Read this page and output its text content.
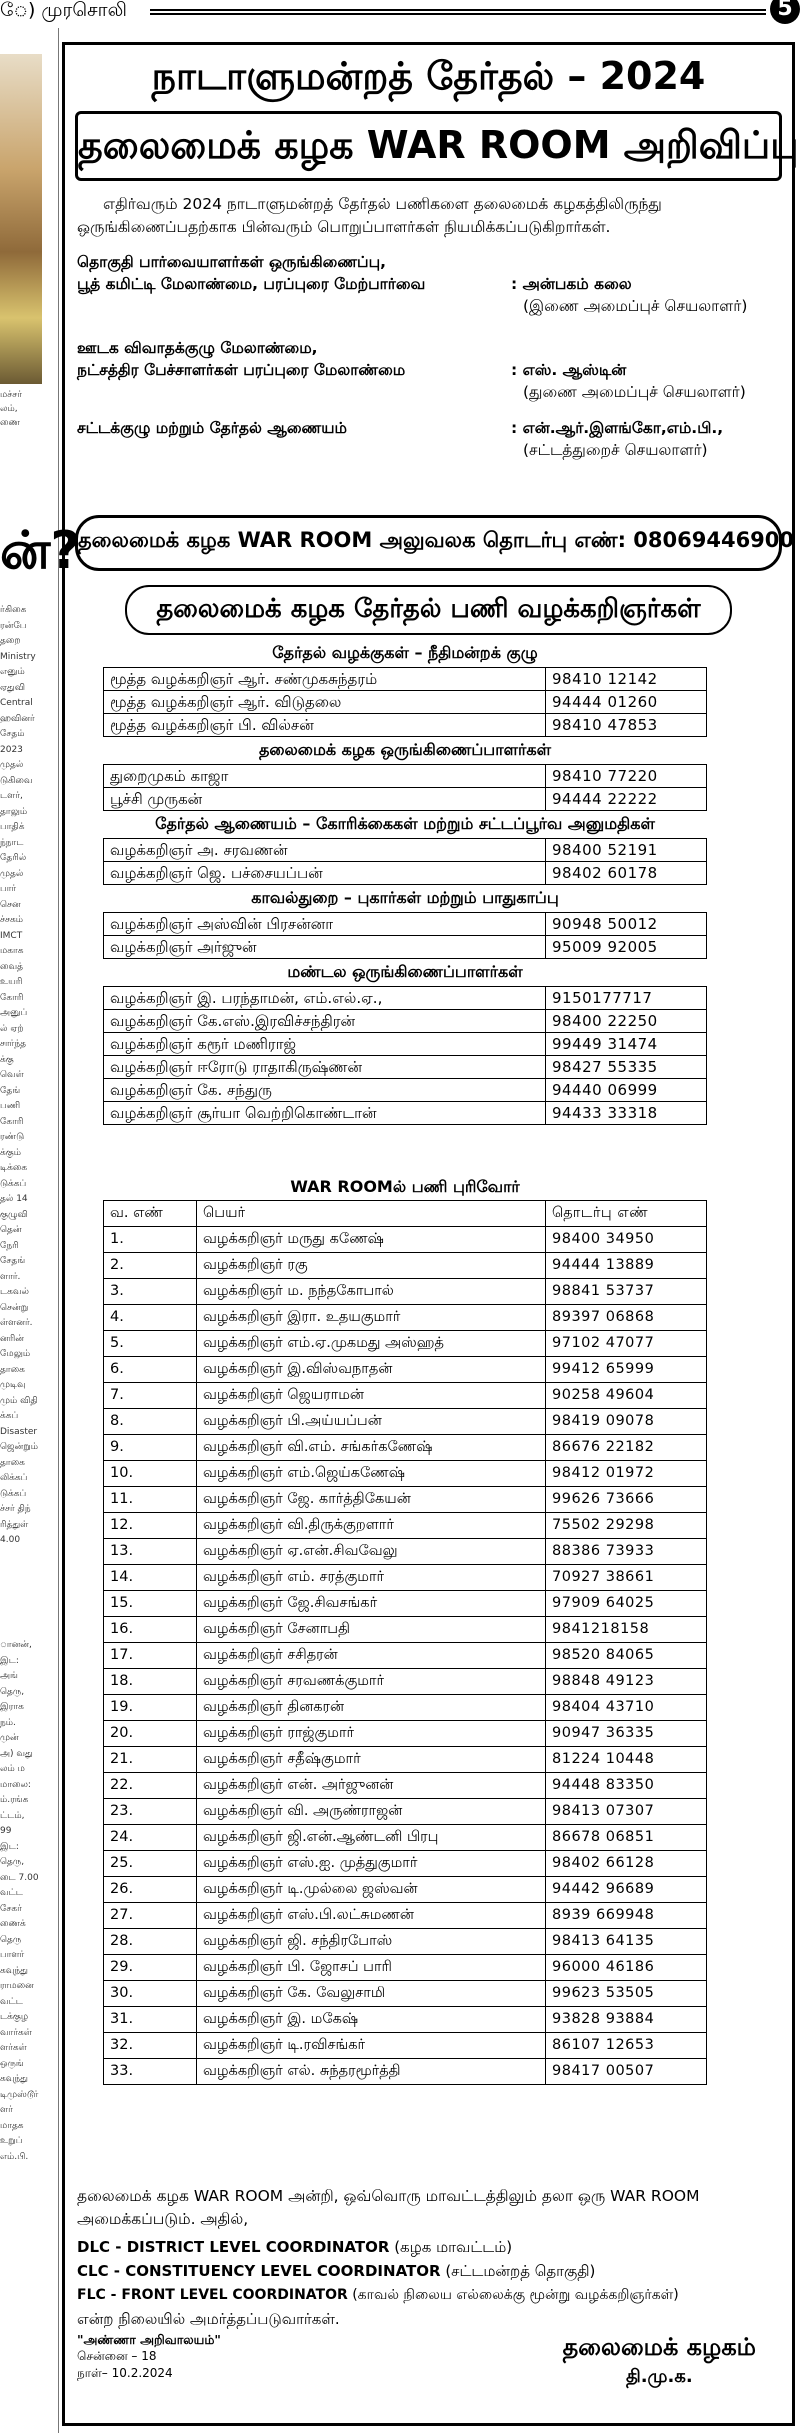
ே) முரசொலி	5
மச்சர்
லம்,
ணை
ன்?
ர்கிகை
ரன்பே
தறை
Ministry
எனும்
ஏதுவி
Central
ஹவினர்
சேதம்
2023
முதல்
டுகிவை
டளர்,
தாலும்
பாதிக்
ந்நாட
தேரில்
முதல்
பார்
சென
ச்சகம்
IMCT
மகாக
வைத்
உயரி
கோரி
அனுப்
ல் ஏற்
சார்ந்த
க்கு
வெள்
தேங்
பணி
கோரி
ரண்டு
க்கும்
டிக்கை
டுக்கப்
தல் 14
குழுவி
தென்
நேரி
சேதங்
ளார்.
டகவல்
சென்று
ள்ளனர்.
னரின்
மேலும்
தாகை
முடிவு
மும் விதி
க்கப்
Disaster
ஜென்றும்
தாகை
லிக்கப்
டுக்கப்
ச்சர் திந்
ரித்துள்
4.00
ானன்,
இட:
அங்
தெரு,
இராக
நம்.
முன்
அ) வது
லம் ம
மாலை:
ம்.ரங்க
ட்டம்,
99
இட:
தெரு,
டை 7.00
வட்ட
சேகர்
ணைக்
தெரு
பாளர்
கவுந்து
ராமனை
வட்ட
டக்குழ
வார்கள்
ளர்கள்
ஒருங்
கவுந்து
டிமுஸ்டூர்
ளர்
மாதக
உறுப்
எம்.பி.
நாடாளுமன்றத் தேர்தல் – 2024
தலைமைக் கழக WAR ROOM அறிவிப்பு
எதிர்வரும் 2024 நாடாளுமன்றத் தேர்தல் பணிகளை தலைமைக் கழகத்திலிருந்து ஒருங்கிணைப்பதற்காக பின்வரும் பொறுப்பாளர்கள் நியமிக்கப்படுகிறார்கள்.
தொகுதி பார்வையாளர்கள் ஒருங்கிணைப்பு,
பூத் கமிட்டி மேலாண்மை, பரப்புரை மேற்பார்வை	: அன்பகம் கலை
(இணை அமைப்புச் செயலாளர்)
ஊடக விவாதக்குழு மேலாண்மை,
நட்சத்திர பேச்சாளர்கள் பரப்புரை மேலாண்மை	: எஸ். ஆஸ்டின்
(துணை அமைப்புச் செயலாளர்)
சட்டக்குழு மற்றும் தேர்தல் ஆணையம்	: என்.ஆர்.இளங்கோ,எம்.பி.,
(சட்டத்துறைச் செயலாளர்)
தலைமைக் கழக WAR ROOM அலுவலக தொடர்பு எண்: 08069446900
தலைமைக் கழக தேர்தல் பணி வழக்கறிஞர்கள்
தேர்தல் வழக்குகள் – நீதிமன்றக் குழு
மூத்த வழக்கறிஞர் ஆர். சண்முகசுந்தரம்	98410 12142
மூத்த வழக்கறிஞர் ஆர். விடுதலை	94444 01260
மூத்த வழக்கறிஞர் பி. வில்சன்	98410 47853
தலைமைக் கழக ஒருங்கிணைப்பாளர்கள்
துறைமுகம் காஜா	98410 77220
பூச்சி முருகன்	94444 22222
தேர்தல் ஆணையம் – கோரிக்கைகள் மற்றும் சட்டப்பூர்வ அனுமதிகள்
வழக்கறிஞர் அ. சரவணன்	98400 52191
வழக்கறிஞர் ஜெ. பச்சையப்பன்	98402 60178
காவல்துறை – புகார்கள் மற்றும் பாதுகாப்பு
வழக்கறிஞர் அஸ்வின் பிரசன்னா	90948 50012
வழக்கறிஞர் அர்ஜுன்	95009 92005
மண்டல ஒருங்கிணைப்பாளர்கள்
வழக்கறிஞர் இ. பரந்தாமன், எம்.எல்.ஏ.,	9150177717
வழக்கறிஞர் கே.எஸ்.இரவிச்சந்திரன்	98400 22250
வழக்கறிஞர் கரூர் மணிராஜ்	99449 31474
வழக்கறிஞர் ஈரோடு ராதாகிருஷ்ணன்	98427 55335
வழக்கறிஞர் கே. சந்துரு	94440 06999
வழக்கறிஞர் சூர்யா வெற்றிகொண்டான்	94433 33318
WAR ROOMல் பணி புரிவோர்
வ. எண்	பெயர்	தொடர்பு எண்
1.	வழக்கறிஞர் மருது கணேஷ்	98400 34950
2.	வழக்கறிஞர் ரகு	94444 13889
3.	வழக்கறிஞர் ம. நந்தகோபால்	98841 53737
4.	வழக்கறிஞர் இரா. உதயகுமார்	89397 06868
5.	வழக்கறிஞர் எம்.ஏ.முகமது அஸ்ஹத்	97102 47077
6.	வழக்கறிஞர் இ.விஸ்வநாதன்	99412 65999
7.	வழக்கறிஞர் ஜெயராமன்	90258 49604
8.	வழக்கறிஞர் பி.அய்யப்பன்	98419 09078
9.	வழக்கறிஞர் வி.எம். சங்கர்கணேஷ்	86676 22182
10.	வழக்கறிஞர் எம்.ஜெய்கணேஷ்	98412 01972
11.	வழக்கறிஞர் ஜே. கார்த்திகேயன்	99626 73666
12.	வழக்கறிஞர் வி.திருக்குறளார்	75502 29298
13.	வழக்கறிஞர் ஏ.என்.சிவவேலு	88386 73933
14.	வழக்கறிஞர் எம். சரத்குமார்	70927 38661
15.	வழக்கறிஞர் ஜே.சிவசங்கர்	97909 64025
16.	வழக்கறிஞர் சேனாபதி	9841218158
17.	வழக்கறிஞர் சசிதரன்	98520 84065
18.	வழக்கறிஞர் சரவணக்குமார்	98848 49123
19.	வழக்கறிஞர் தினகரன்	98404 43710
20.	வழக்கறிஞர் ராஜ்குமார்	90947 36335
21.	வழக்கறிஞர் சதீஷ்குமார்	81224 10448
22.	வழக்கறிஞர் என். அர்ஜுனன்	94448 83350
23.	வழக்கறிஞர் வி. அருண்ராஜன்	98413 07307
24.	வழக்கறிஞர் ஜி.என்.ஆண்டனி பிரபு	86678 06851
25.	வழக்கறிஞர் எஸ்.ஐ. முத்துகுமார்	98402 66128
26.	வழக்கறிஞர் டி.முல்லை ஜஸ்வன்	94442 96689
27.	வழக்கறிஞர் எஸ்.பி.லட்சுமணன்	8939 669948
28.	வழக்கறிஞர் ஜி. சந்திரபோஸ்	98413 64135
29.	வழக்கறிஞர் பி. ஜோசப் பாரி	96000 46186
30.	வழக்கறிஞர் கே. வேலுசாமி	99623 53505
31.	வழக்கறிஞர் இ. மகேஷ்	93828 93884
32.	வழக்கறிஞர் டி.ரவிசங்கர்	86107 12653
33.	வழக்கறிஞர் எல். சுந்தரமூர்த்தி	98417 00507
தலைமைக் கழக WAR ROOM அன்றி, ஒவ்வொரு மாவட்டத்திலும் தலா ஒரு WAR ROOM அமைக்கப்படும். அதில்,
DLC - DISTRICT LEVEL COORDINATOR (கழக மாவட்டம்)
CLC - CONSTITUENCY LEVEL COORDINATOR (சட்டமன்றத் தொகுதி)
FLC - FRONT LEVEL COORDINATOR (காவல் நிலைய எல்லைக்கு மூன்று வழக்கறிஞர்கள்)
என்ற நிலையில் அமர்த்தப்படுவார்கள்.
"அண்ணா அறிவாலயம்"
சென்னை – 18
நாள்– 10.2.2024
தலைமைக் கழகம்
தி.மு.க.
